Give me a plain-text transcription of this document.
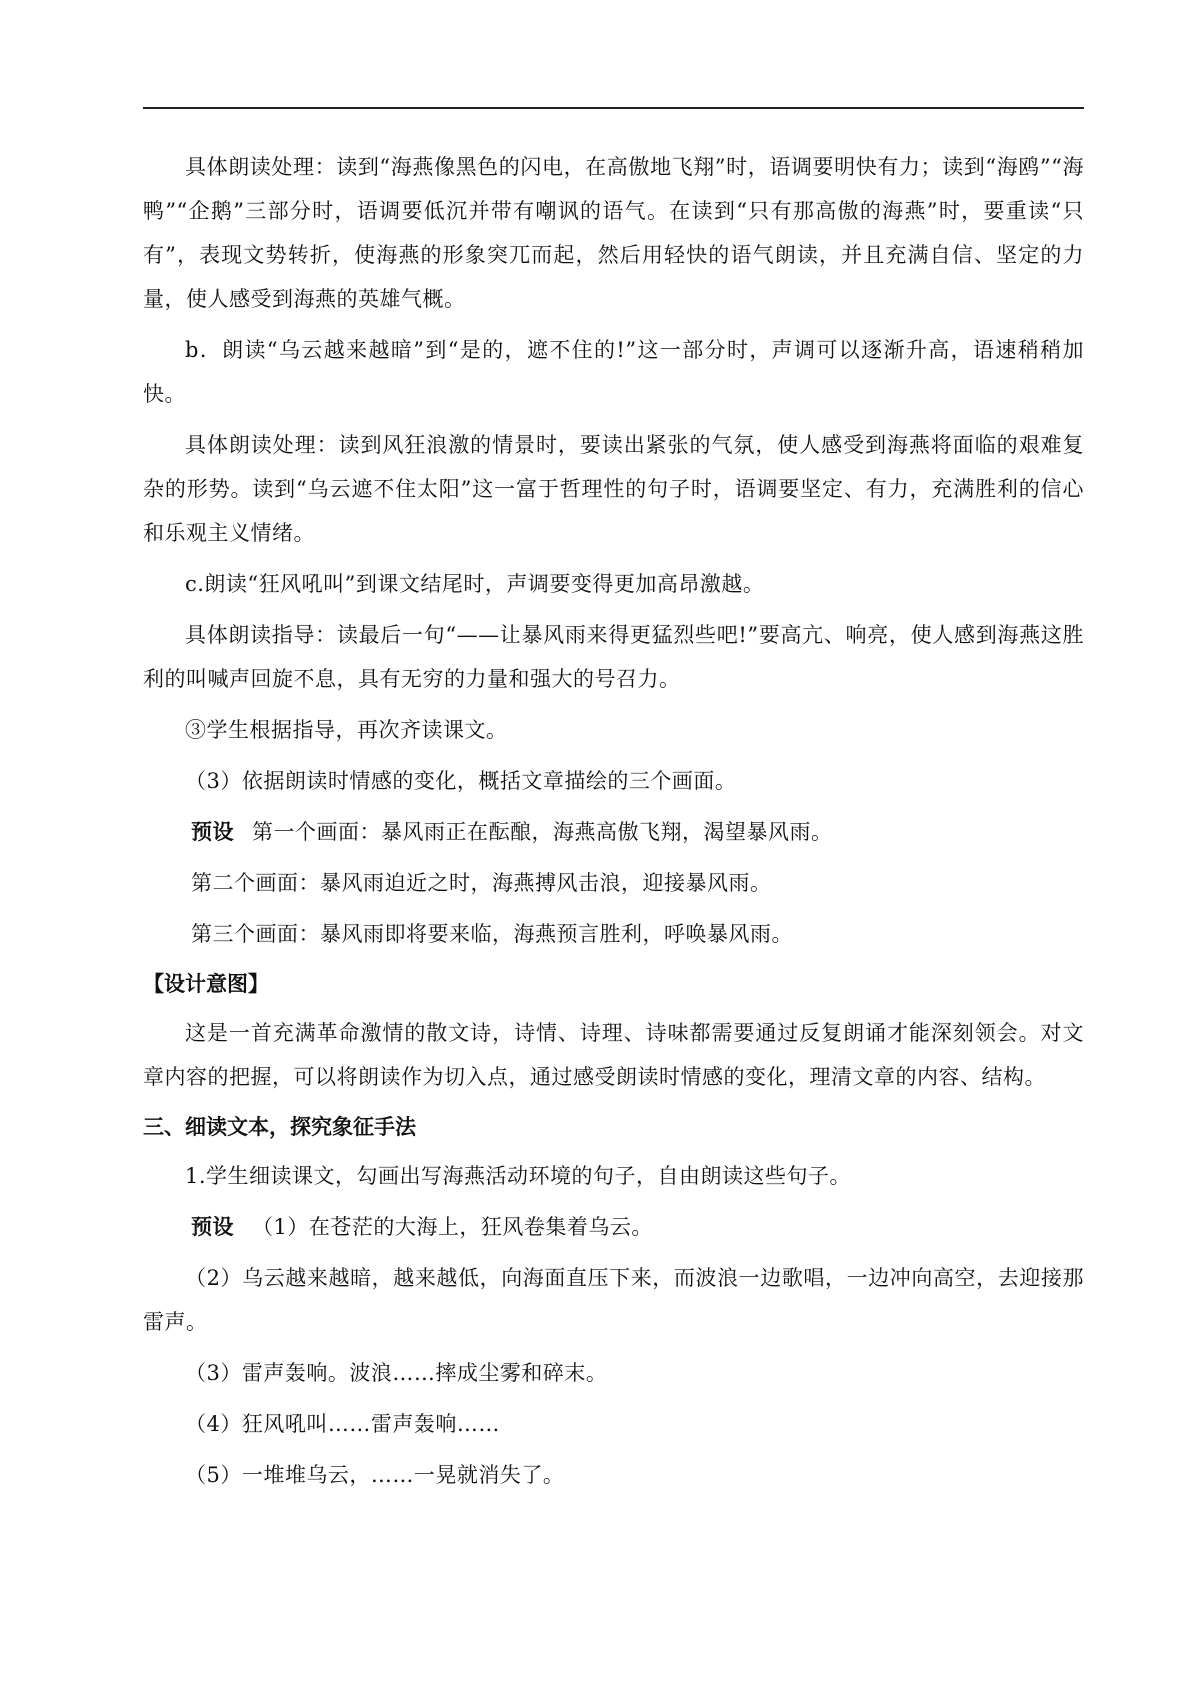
具体朗读处理：读到“海燕像黑色的闪电，在高傲地飞翔”时，语调要明快有力；读到“海鸥”“海鸭”“企鹅”三部分时，语调要低沉并带有嘲讽的语气。在读到“只有那高傲的海燕”时，要重读“只有”，表现文势转折，使海燕的形象突兀而起，然后用轻快的语气朗读，并且充满自信、坚定的力量，使人感受到海燕的英雄气概。

b．朗读“乌云越来越暗”到“是的，遮不住的!”这一部分时，声调可以逐渐升高，语速稍稍加快。

具体朗读处理：读到风狂浪激的情景时，要读出紧张的气氛，使人感受到海燕将面临的艰难复杂的形势。读到“乌云遮不住太阳”这一富于哲理性的句子时，语调要坚定、有力，充满胜利的信心和乐观主义情绪。

c.朗读“狂风吼叫”到课文结尾时，声调要变得更加高昂激越。

具体朗读指导：读最后一句“——让暴风雨来得更猛烈些吧!”要高亢、响亮，使人感到海燕这胜利的叫喊声回旋不息，具有无穷的力量和强大的号召力。

③学生根据指导，再次齐读课文。

（3）依据朗读时情感的变化，概括文章描绘的三个画面。

预设 第一个画面：暴风雨正在酝酿，海燕高傲飞翔，渴望暴风雨。

第二个画面：暴风雨迫近之时，海燕搏风击浪，迎接暴风雨。

第三个画面：暴风雨即将要来临，海燕预言胜利，呼唤暴风雨。

【设计意图】

这是一首充满革命激情的散文诗，诗情、诗理、诗味都需要通过反复朗诵才能深刻领会。对文章内容的把握，可以将朗读作为切入点，通过感受朗读时情感的变化，理清文章的内容、结构。

三、细读文本，探究象征手法

1.学生细读课文，勾画出写海燕活动环境的句子，自由朗读这些句子。

预设 （1）在苍茫的大海上，狂风卷集着乌云。

（2）乌云越来越暗，越来越低，向海面直压下来，而波浪一边歌唱，一边冲向高空，去迎接那雷声。

（3）雷声轰响。波浪……摔成尘雾和碎末。

（4）狂风吼叫……雷声轰响……

（5）一堆堆乌云，……一晃就消失了。
